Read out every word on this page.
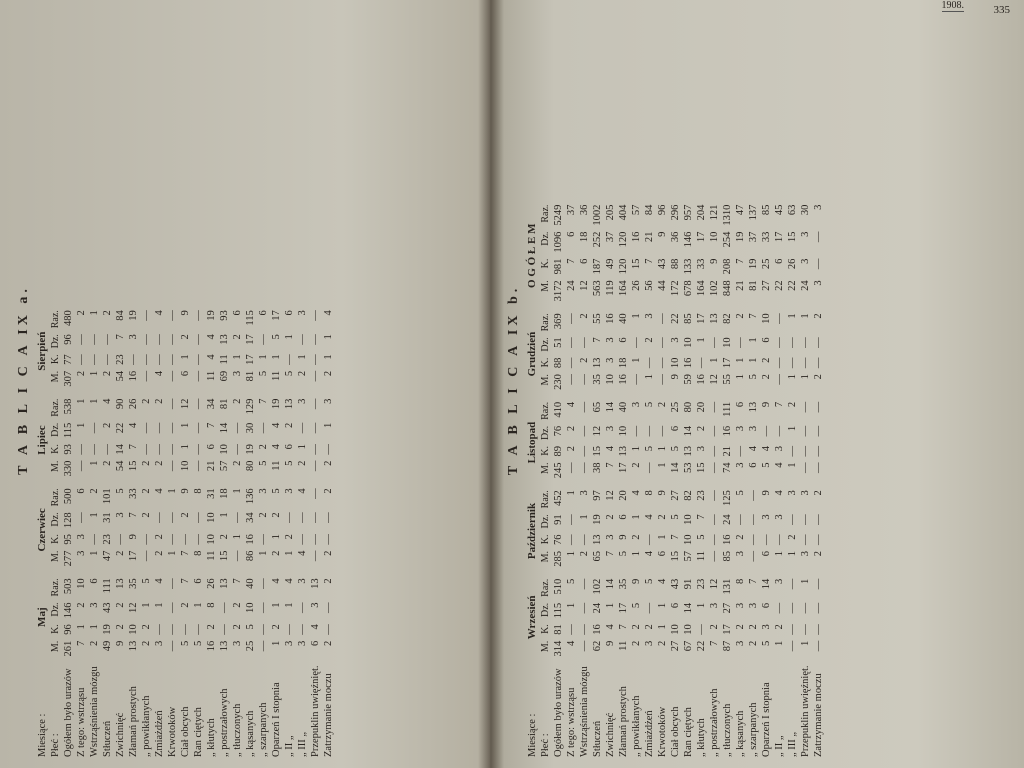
1908.	335
T A B L I C A IX a.
Miesiące :	Maj				Czerwiec				Lipiec				Sierpień			
Płeć :	M.	K.	Dz.	Raz.	M.	K.	Dz.	Raz.	M.	K.	Dz.	Raz.	M.	K.	Dz.	Raz.
Ogółem było urazów	261	96	146	503	277	95	128	500	330	93	115	538	307	77	96	480
Z tego: wstrząsu	7	1	2	10	3	3	—	6	—	—	1	1	2	—	—	2
Wstrząśnienia mózgu	2	1	3	6	1	—	1	2	1	—	—	1	1	—	—	1
Stłuczeń	49	19	43	111	47	23	31	101	2	—	2	4	2	—	—	2
Zwichnięć	9	2	2	13	2	—	3	5	54	14	22	90	54	23	7	84
Złamań prostych	13	10	12	35	17	9	7	33	15	7	4	26	16	—	3	19
„ powikłanych	2	2	1	5	—	—	2	2	2	—	—	2	—	—	—	—
Zmiażdżeń	3	—	1	4	2	2	—	4	2	—	—	2	4	—	—	4
Krwotoków	—	—	—	—	1	—	—	1	—	—	—	—	—	—	—	—
Ciał obcych	5	—	2	7	7	—	2	9	10	1	1	12	6	1	2	9
Ran ciętych	5	—	1	6	8	—	—	8	—	—	—	—	—	—	—	—
„ kłutych	16	2	8	26	11	10	10	31	21	6	7	34	11	4	4	19
„ postrzałowych	13	—	—	13	15	2	1	18	57	10	14	81	69	11	13	93
„ tłuczonych	3	2	2	7	—	1	—	1	2	—	—	2	3	1	2	6
„ kąsanych	25	5	10	40	86	16	34	136	80	19	30	129	81	17	17	115
„ szarpanych	—	—	—	—	1	—	2	3	5	2	—	7	5	1	—	6
Oparzeń I stopnia	1	2	1	4	2	1	2	5	11	4	4	19	11	1	5	17
„ II „	3	—	1	4	1	2	—	3	5	6	2	13	5	—	1	6
„ III „	3	—	—	3	4	—	—	4	2	1	—	3	2	1	—	3
Przepuklin uwięźnięt.	6	4	3	13	—	—	—	—	—	—	—	—	—	—	—	—
Zatrzymanie moczu	2	—	—	2	2	—	—	2	2	—	1	3	2	1	1	4	T A B L I C A IX b.
Miesiące :	Wrzesień				Październik				Listopad				Grudzień				O G Ó Ł E M			
Płeć :	M.	K.	Dz.	Raz.	M.	K.	Dz.	Raz.	M.	K.	Dz.	Raz.	M.	K.	Dz.	Raz.	M.	K.	Dz.	Raz.
Ogółem było urazów	314	81	115	510	285	76	91	452	245	89	76	410	230	88	51	369	3172	981	1096	5249
Z tego: wstrząsu	4	—	1	5	1	—	—	1	—	2	2	4	—	—	—	—	24	7	6	37
Wstrząśnienia mózgu	—	—	—	—	2	—	1	3	—	—	—	—	—	2	—	2	12	6	18	36
Stłuczeń	62	16	24	102	65	13	19	97	38	15	12	65	35	13	7	55	563	187	252	1002
Zwichnięć	9	4	1	14	7	3	2	12	7	4	3	14	10	3	3	16	119	49	37	205
Złamań prostych	11	7	17	35	5	9	6	20	17	13	10	40	16	18	6	40	164	120	120	404
„ powikłanych	2	2	5	9	1	2	1	4	2	1	—	3	—	1	—	1	26	15	16	57
Zmiażdżeń	3	2	—	5	4	—	4	8	—	5	—	5	1	—	2	3	56	7	21	84
Krwotoków	2	1	1	4	6	1	2	9	1	1	—	2	—	—	—	—	44	43	9	96
Ciał obcych	27	10	6	43	15	7	5	27	14	5	6	25	9	10	3	22	172	88	36	296
Ran ciętych	67	10	14	91	57	10	10	82	53	13	14	80	59	16	10	85	678	133	146	957
„ kłutych	22	—	1	23	11	5	7	23	15	3	2	20	16	—	1	17	164	33	17	204
„ postrzałowych	7	2	3	12	—	—	—	—	—	—	—	—	12	1	—	13	102	9	10	121
„ tłuczonych	87	17	27	131	85	16	24	125	74	21	16	111	55	17	10	82	848	208	254	1310
„ kąsanych	3	2	3	8	3	2	—	5	3	—	3	6	1	1	—	2	21	7	19	47
„ szarpanych	2	2	3	7	—	—	—	—	6	4	3	13	5	1	1	7	81	19	37	137
Oparzeń I stopnia	5	3	6	14	6	—	3	9	5	4	—	9	2	2	6	10	27	25	33	85
„ II „	1	2	—	3	1	—	3	4	4	3	—	7	—	—	—	—	22	6	17	45
„ III „	—	—	—	—	1	2	—	3	1	—	1	2	1	—	—	1	22	26	15	63
Przepuklin uwięźnięt.	1	—	—	1	3	—	—	3	—	—	—	—	1	—	—	1	24	3	3	30
Zatrzymanie moczu	—	—	—	—	2	—	—	2	—	—	—	—	2	—	—	2	3	—	—	3
